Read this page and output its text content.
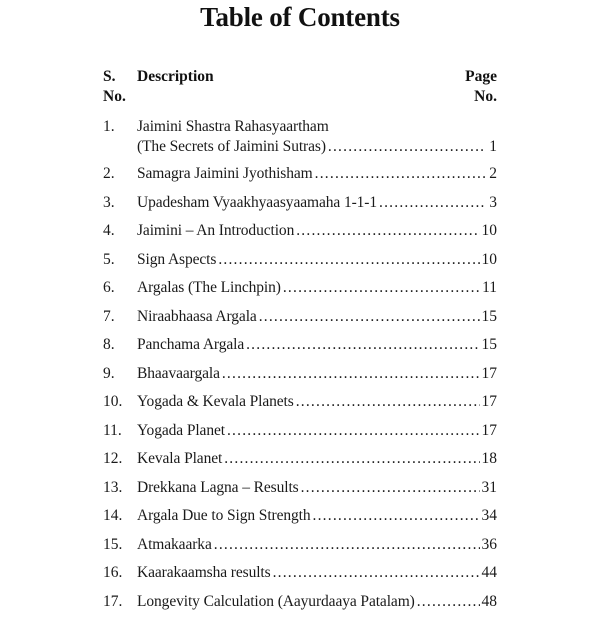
Table of Contents
S.
No.
Description	Page
No.
1.	Jaimini Shastra Rahasyaartham
(The Secrets of Jaimini Sutras) .....	1
2.	Samagra Jaimini Jyothisham .....	2
3.	Upadesham Vyaakhyaasyaamaha 1-1-1 .....	3
4.	Jaimini – An Introduction .....	10
5.	Sign Aspects .....	10
6.	Argalas (The Linchpin) .....	11
7.	Niraabhaasa Argala .....	15
8.	Panchama Argala .....	15
9.	Bhaavaargala .....	17
10. Yogada & Kevala Planets .....	17
11. Yogada Planet .....	17
12. Kevala Planet .....	18
13. Drekkana Lagna – Results .....	31
14. Argala Due to Sign Strength .....	34
15. Atmakaarka .....	36
16. Kaarakaamsha results .....	44
17. Longevity Calculation (Aayurdaaya Patalam) .....	48
